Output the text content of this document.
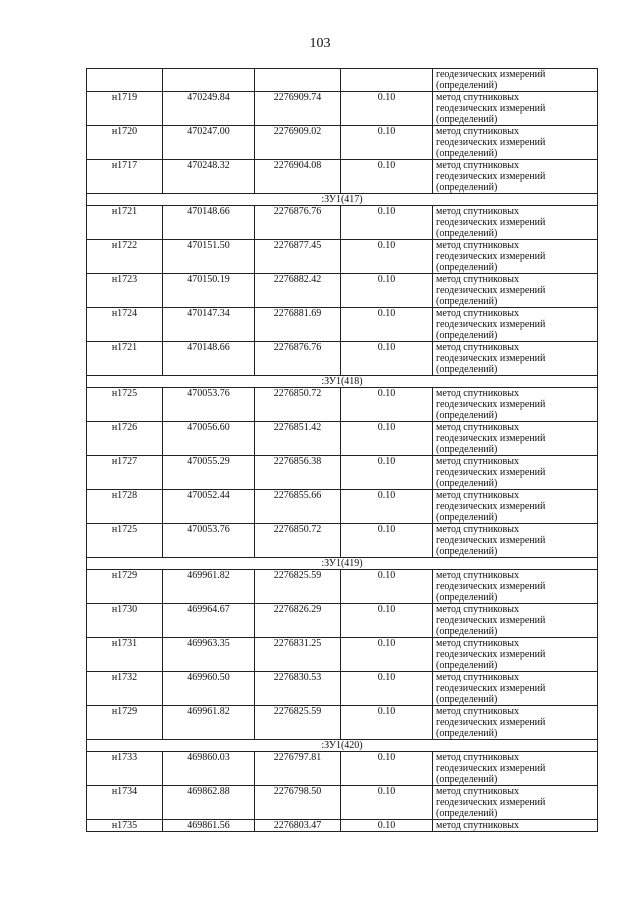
103

				геодезических измерений
(определений)

н1719	470249.84	2276909.74	0.10	метод спутниковых
геодезических измерений
(определений)

н1720	470247.00	2276909.02	0.10	метод спутниковых
геодезических измерений
(определений)

н1717	470248.32	2276904.08	0.10	метод спутниковых
геодезических измерений
(определений)

:ЗУ1(417)				
н1721	470148.66	2276876.76	0.10	метод спутниковых
геодезических измерений
(определений)

н1722	470151.50	2276877.45	0.10	метод спутниковых
геодезических измерений
(определений)

н1723	470150.19	2276882.42	0.10	метод спутниковых
геодезических измерений
(определений)

н1724	470147.34	2276881.69	0.10	метод спутниковых
геодезических измерений
(определений)

н1721	470148.66	2276876.76	0.10	метод спутниковых
геодезических измерений
(определений)

:ЗУ1(418)				
н1725	470053.76	2276850.72	0.10	метод спутниковых
геодезических измерений
(определений)

н1726	470056.60	2276851.42	0.10	метод спутниковых
геодезических измерений
(определений)

н1727	470055.29	2276856.38	0.10	метод спутниковых
геодезических измерений
(определений)

н1728	470052.44	2276855.66	0.10	метод спутниковых
геодезических измерений
(определений)

н1725	470053.76	2276850.72	0.10	метод спутниковых
геодезических измерений
(определений)

:ЗУ1(419)				
н1729	469961.82	2276825.59	0.10	метод спутниковых
геодезических измерений
(определений)

н1730	469964.67	2276826.29	0.10	метод спутниковых
геодезических измерений
(определений)

н1731	469963.35	2276831.25	0.10	метод спутниковых
геодезических измерений
(определений)

н1732	469960.50	2276830.53	0.10	метод спутниковых
геодезических измерений
(определений)

н1729	469961.82	2276825.59	0.10	метод спутниковых
геодезических измерений
(определений)

:ЗУ1(420)				
н1733	469860.03	2276797.81	0.10	метод спутниковых
геодезических измерений
(определений)

н1734	469862.88	2276798.50	0.10	метод спутниковых
геодезических измерений
(определений)

н1735	469861.56	2276803.47	0.10	метод спутниковых
